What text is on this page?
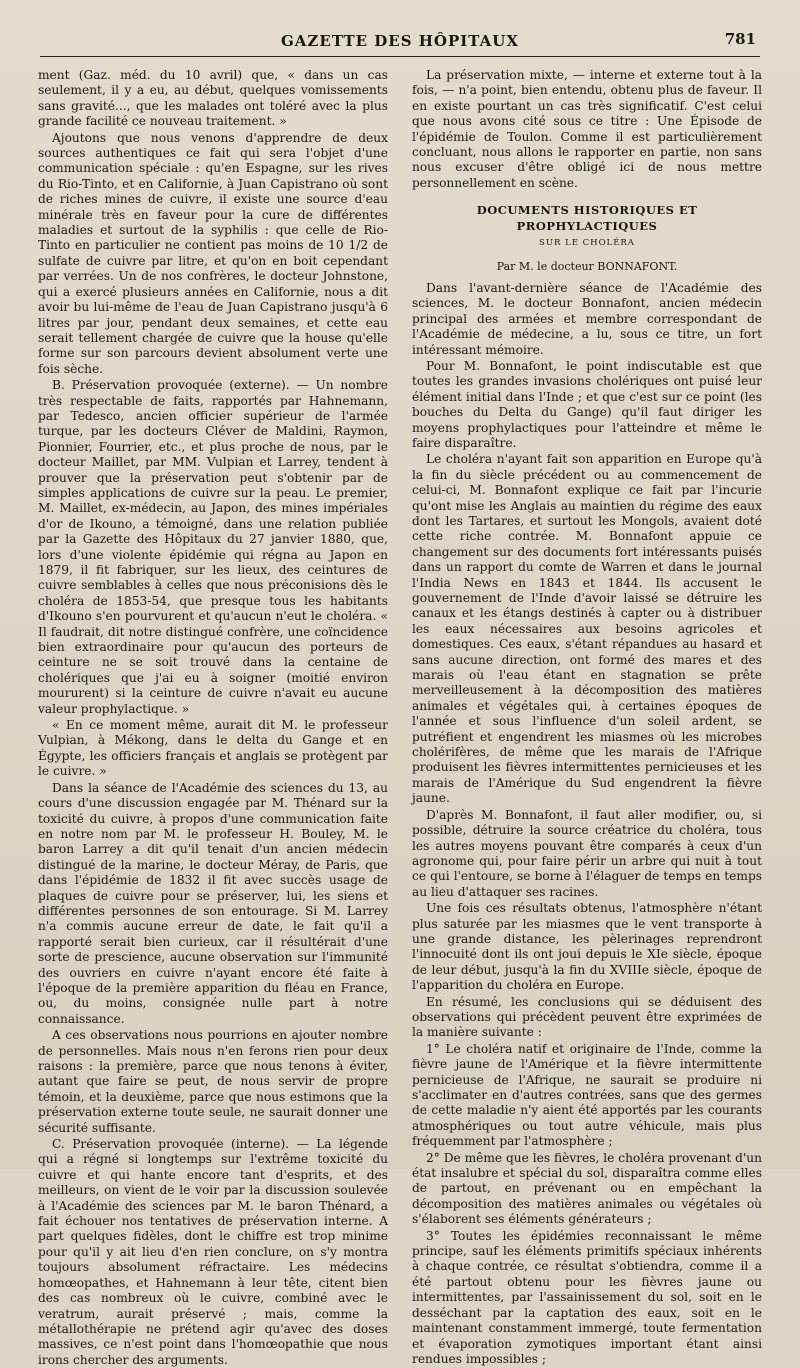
GAZETTE DES HÔPITAUX	781

ment (Gaz. méd. du 10 avril) que, « dans un cas seulement, il y a eu, au début, quelques vomissements sans gravité..., que les malades ont toléré avec la plus grande facilité ce nouveau traitement. »

Ajoutons que nous venons d'apprendre de deux sources authentiques ce fait qui sera l'objet d'une communication spéciale : qu'en Espagne, sur les rives du Rio-Tinto, et en Californie, à Juan Capistrano où sont de riches mines de cuivre, il existe une source d'eau minérale très en faveur pour la cure de différentes maladies et surtout de la syphilis : que celle de Rio-Tinto en particulier ne contient pas moins de 10 1/2 de sulfate de cuivre par litre, et qu'on en boit cependant par verrées. Un de nos confrères, le docteur Johnstone, qui a exercé plusieurs années en Californie, nous a dit avoir bu lui-même de l'eau de Juan Capistrano jusqu'à 6 litres par jour, pendant deux semaines, et cette eau serait tellement chargée de cuivre que la house qu'elle forme sur son parcours devient absolument verte une fois sèche.

B. Préservation provoquée (externe). — Un nombre très respectable de faits, rapportés par Hahnemann, par Tedesco, ancien officier supérieur de l'armée turque, par les docteurs Cléver de Maldini, Raymon, Pionnier, Fourrier, etc., et plus proche de nous, par le docteur Maillet, par MM. Vulpian et Larrey, tendent à prouver que la préservation peut s'obtenir par de simples applications de cuivre sur la peau. Le premier, M. Maillet, ex-médecin, au Japon, des mines impériales d'or de Ikouno, a témoigné, dans une relation publiée par la Gazette des Hôpitaux du 27 janvier 1880, que, lors d'une violente épidémie qui régna au Japon en 1879, il fit fabriquer, sur les lieux, des ceintures de cuivre semblables à celles que nous préconisions dès le choléra de 1853-54, que presque tous les habitants d'Ikouno s'en pourvurent et qu'aucun n'eut le choléra. « Il faudrait, dit notre distingué confrère, une coïncidence bien extraordinaire pour qu'aucun des porteurs de ceinture ne se soit trouvé dans la centaine de cholériques que j'ai eu à soigner (moitié environ moururent) si la ceinture de cuivre n'avait eu aucune valeur prophylactique. »

« En ce moment même, aurait dit M. le professeur Vulpian, à Mékong, dans le delta du Gange et en Égypte, les officiers français et anglais se protègent par le cuivre. »

Dans la séance de l'Académie des sciences du 13, au cours d'une discussion engagée par M. Thénard sur la toxicité du cuivre, à propos d'une communication faite en notre nom par M. le professeur H. Bouley, M. le baron Larrey a dit qu'il tenait d'un ancien médecin distingué de la marine, le docteur Méray, de Paris, que dans l'épidémie de 1832 il fit avec succès usage de plaques de cuivre pour se préserver, lui, les siens et différentes personnes de son entourage. Si M. Larrey n'a commis aucune erreur de date, le fait qu'il a rapporté serait bien curieux, car il résultérait d'une sorte de prescience, aucune observation sur l'immunité des ouvriers en cuivre n'ayant encore été faite à l'époque de la première apparition du fléau en France, ou, du moins, consignée nulle part à notre connaissance.

A ces observations nous pourrions en ajouter nombre de personnelles. Mais nous n'en ferons rien pour deux raisons : la première, parce que nous tenons à éviter, autant que faire se peut, de nous servir de propre témoin, et la deuxième, parce que nous estimons que la préservation externe toute seule, ne saurait donner une sécurité suffisante.

C. Préservation provoquée (interne). — La légende qui a régné si longtemps sur l'extrême toxicité du cuivre et qui hante encore tant d'esprits, et des meilleurs, on vient de le voir par la discussion soulevée à l'Académie des sciences par M. le baron Thénard, a fait échouer nos tentatives de préservation interne. A part quelques fidèles, dont le chiffre est trop minime pour qu'il y ait lieu d'en rien conclure, on s'y montra toujours absolument réfractaire. Les médecins homœopathes, et Hahnemann à leur tête, citent bien des cas nombreux où le cuivre, combiné avec le veratrum, aurait préservé ; mais, comme la métallothérapie ne prétend agir qu'avec des doses massives, ce n'est point dans l'homœopathie que nous irons chercher des arguments.

La préservation mixte, — interne et externe tout à la fois, — n'a point, bien entendu, obtenu plus de faveur. Il en existe pourtant un cas très significatif. C'est celui que nous avons cité sous ce titre : Une Épisode de l'épidémie de Toulon. Comme il est particulièrement concluant, nous allons le rapporter en partie, non sans nous excuser d'être obligé ici de nous mettre personnellement en scène.

DOCUMENTS HISTORIQUES ET PROPHYLACTIQUES
SUR LE CHOLÉRA
Par M. le docteur BONNAFONT.

Dans l'avant-dernière séance de l'Académie des sciences, M. le docteur Bonnafont, ancien médecin principal des armées et membre correspondant de l'Académie de médecine, a lu, sous ce titre, un fort intéressant mémoire.

Pour M. Bonnafont, le point indiscutable est que toutes les grandes invasions cholériques ont puisé leur élément initial dans l'Inde ; et que c'est sur ce point (les bouches du Delta du Gange) qu'il faut diriger les moyens prophylactiques pour l'atteindre et même le faire disparaître.

Le choléra n'ayant fait son apparition en Europe qu'à la fin du siècle précédent ou au commencement de celui-ci, M. Bonnafont explique ce fait par l'incurie qu'ont mise les Anglais au maintien du régime des eaux dont les Tartares, et surtout les Mongols, avaient doté cette riche contrée. M. Bonnafont appuie ce changement sur des documents fort intéressants puisés dans un rapport du comte de Warren et dans le journal l'India News en 1843 et 1844. Ils accusent le gouvernement de l'Inde d'avoir laissé se détruire les canaux et les étangs destinés à capter ou à distribuer les eaux nécessaires aux besoins agricoles et domestiques. Ces eaux, s'étant répandues au hasard et sans aucune direction, ont formé des mares et des marais où l'eau étant en stagnation se prête merveilleusement à la décomposition des matières animales et végétales qui, à certaines époques de l'année et sous l'influence d'un soleil ardent, se putréfient et engendrent les miasmes où les microbes cholérifères, de même que les marais de l'Afrique produisent les fièvres intermittentes pernicieuses et les marais de l'Amérique du Sud engendrent la fièvre jaune.

D'après M. Bonnafont, il faut aller modifier, ou, si possible, détruire la source créatrice du choléra, tous les autres moyens pouvant être comparés à ceux d'un agronome qui, pour faire périr un arbre qui nuit à tout ce qui l'entoure, se borne à l'élaguer de temps en temps au lieu d'attaquer ses racines.

Une fois ces résultats obtenus, l'atmosphère n'étant plus saturée par les miasmes que le vent transporte à une grande distance, les pèlerinages reprendront l'innocuité dont ils ont joui depuis le XIe siècle, époque de leur début, jusqu'à la fin du XVIIIe siècle, époque de l'apparition du choléra en Europe.

En résumé, les conclusions qui se déduisent des observations qui précèdent peuvent être exprimées de la manière suivante :

1° Le choléra natif et originaire de l'Inde, comme la fièvre jaune de l'Amérique et la fièvre intermittente pernicieuse de l'Afrique, ne saurait se produire ni s'acclimater en d'autres contrées, sans que des germes de cette maladie n'y aient été apportés par les courants atmosphériques ou tout autre véhicule, mais plus fréquemment par l'atmosphère ;

2° De même que les fièvres, le choléra provenant d'un état insalubre et spécial du sol, disparaîtra comme elles de partout, en prévenant ou en empêchant la décomposition des matières animales ou végétales où s'élaborent ses éléments générateurs ;

3° Toutes les épidémies reconnaissant le même principe, sauf les éléments primitifs spéciaux inhérents à chaque contrée, ce résultat s'obtiendra, comme il a été partout obtenu pour les fièvres jaune ou intermittentes, par l'assainissement du sol, soit en le desséchant par la captation des eaux, soit en le maintenant constamment immergé, toute fermentation et évaporation zymotiques important étant ainsi rendues impossibles ;
